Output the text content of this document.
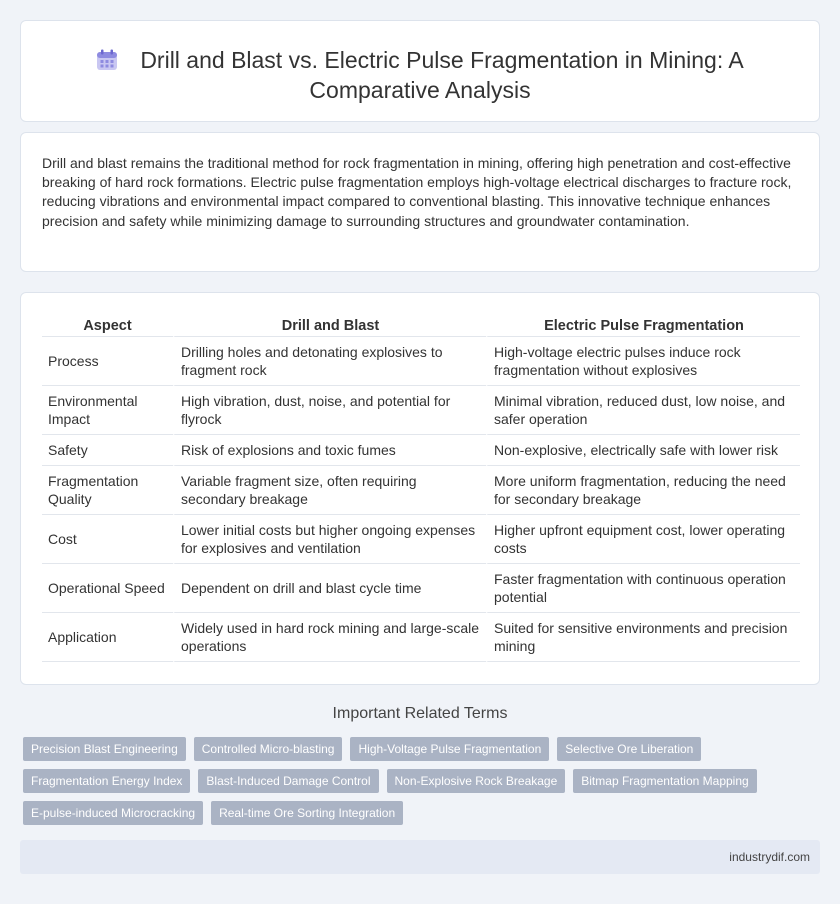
Drill and Blast vs. Electric Pulse Fragmentation in Mining: A Comparative Analysis

Drill and blast remains the traditional method for rock fragmentation in mining, offering high penetration and cost-effective breaking of hard rock formations. Electric pulse fragmentation employs high-voltage electrical discharges to fracture rock, reducing vibrations and environmental impact compared to conventional blasting. This innovative technique enhances precision and safety while minimizing damage to surrounding structures and groundwater contamination.

Aspect	Drill and Blast	Electric Pulse Fragmentation
Process	Drilling holes and detonating explosives to fragment rock	High-voltage electric pulses induce rock fragmentation without explosives
Environmental Impact	High vibration, dust, noise, and potential for flyrock	Minimal vibration, reduced dust, low noise, and safer operation
Safety	Risk of explosions and toxic fumes	Non-explosive, electrically safe with lower risk
Fragmentation Quality	Variable fragment size, often requiring secondary breakage	More uniform fragmentation, reducing the need for secondary breakage
Cost	Lower initial costs but higher ongoing expenses for explosives and ventilation	Higher upfront equipment cost, lower operating costs
Operational Speed	Dependent on drill and blast cycle time	Faster fragmentation with continuous operation potential
Application	Widely used in hard rock mining and large-scale operations	Suited for sensitive environments and precision mining
Important Related Terms
Precision Blast Engineering	Controlled Micro-blasting	High-Voltage Pulse Fragmentation	Selective Ore Liberation
Fragmentation Energy Index	Blast-Induced Damage Control	Non-Explosive Rock Breakage	Bitmap Fragmentation Mapping
E-pulse-induced Microcracking	Real-time Ore Sorting Integration
industrydif.com
